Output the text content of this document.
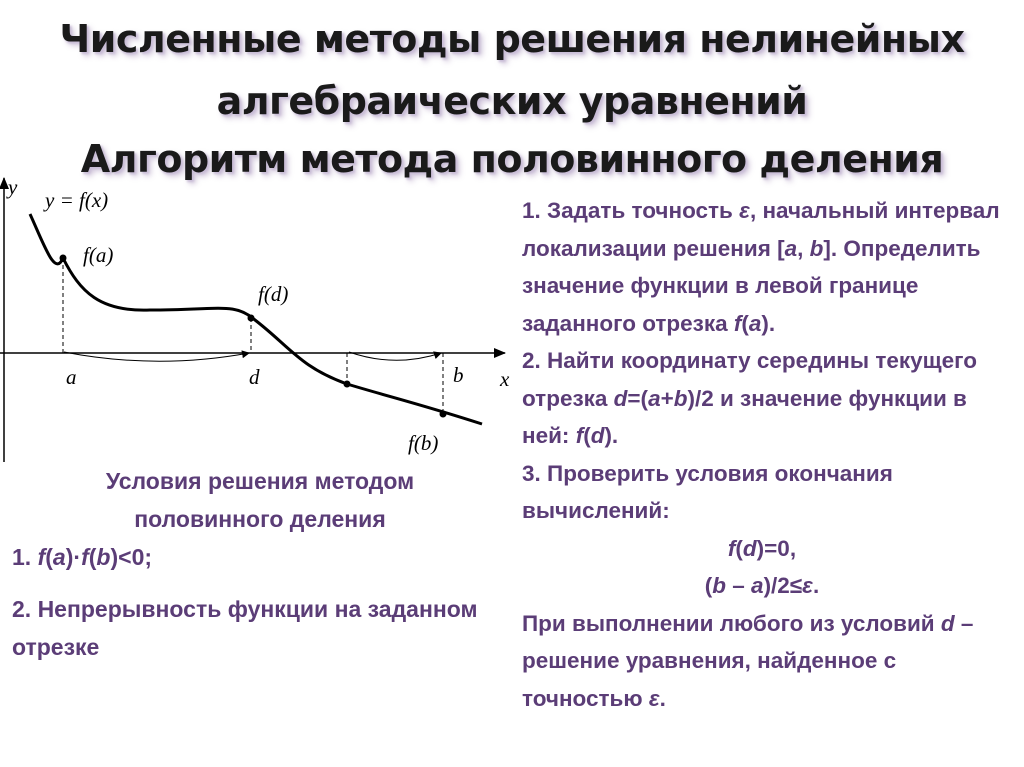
Численные методы решения нелинейных
алгебраических уравнений
Алгоритм метода половинного деления
y
x
y = f(x)
f(a)
f(d)
f(b)
a	d	b
Условия решения методом половинного деления
1. f(a)·f(b)<0;
2. Непрерывность функции на заданном отрезке

1. Задать точность ε, начальный интервал локализации решения [a, b]. Определить значение функции в левой границе заданного отрезка f(a).

2. Найти координату середины текущего отрезка d=(a+b)/2 и значение функции в ней: f(d).

3. Проверить условия окончания вычислений:

f(d)=0,

(b – a)/2≤ε.

При выполнении любого из условий d – решение уравнения, найденное с точностью ε.
